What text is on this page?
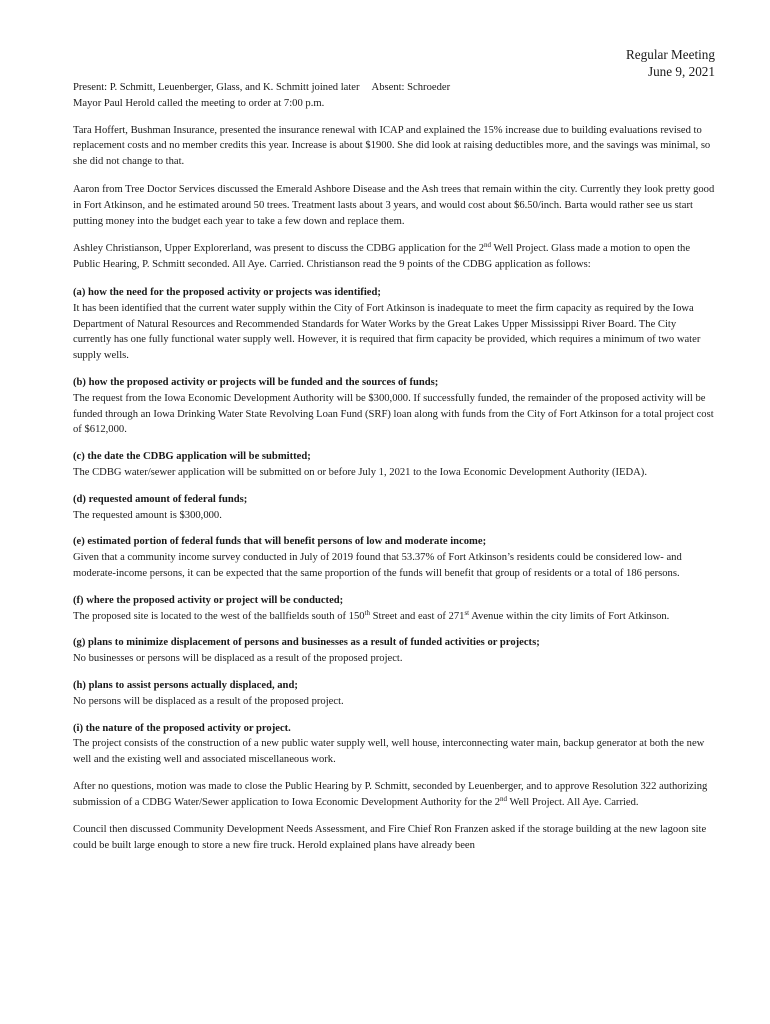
Regular Meeting
June 9, 2021

Present: P. Schmitt, Leuenberger, Glass, and K. Schmitt joined later Absent: Schroeder

Mayor Paul Herold called the meeting to order at 7:00 p.m.

Tara Hoffert, Bushman Insurance, presented the insurance renewal with ICAP and explained the 15% increase due to building evaluations revised to replacement costs and no member credits this year. Increase is about $1900. She did look at raising deductibles more, and the savings was minimal, so she did not change to that.

Aaron from Tree Doctor Services discussed the Emerald Ashbore Disease and the Ash trees that remain within the city. Currently they look pretty good in Fort Atkinson, and he estimated around 50 trees. Treatment lasts about 3 years, and would cost about $6.50/inch. Barta would rather see us start putting money into the budget each year to take a few down and replace them.

Ashley Christianson, Upper Explorerland, was present to discuss the CDBG application for the 2nd Well Project. Glass made a motion to open the Public Hearing, P. Schmitt seconded. All Aye. Carried. Christianson read the 9 points of the CDBG application as follows:

(a) how the need for the proposed activity or projects was identified;

It has been identified that the current water supply within the City of Fort Atkinson is inadequate to meet the firm capacity as required by the Iowa Department of Natural Resources and Recommended Standards for Water Works by the Great Lakes Upper Mississippi River Board. The City currently has one fully functional water supply well. However, it is required that firm capacity be provided, which requires a minimum of two water supply wells.

(b) how the proposed activity or projects will be funded and the sources of funds;

The request from the Iowa Economic Development Authority will be $300,000. If successfully funded, the remainder of the proposed activity will be funded through an Iowa Drinking Water State Revolving Loan Fund (SRF) loan along with funds from the City of Fort Atkinson for a total project cost of $612,000.

(c) the date the CDBG application will be submitted;

The CDBG water/sewer application will be submitted on or before July 1, 2021 to the Iowa Economic Development Authority (IEDA).

(d) requested amount of federal funds;

The requested amount is $300,000.

(e) estimated portion of federal funds that will benefit persons of low and moderate income;

Given that a community income survey conducted in July of 2019 found that 53.37% of Fort Atkinson’s residents could be considered low- and moderate-income persons, it can be expected that the same proportion of the funds will benefit that group of residents or a total of 186 persons.

(f) where the proposed activity or project will be conducted;

The proposed site is located to the west of the ballfields south of 150th Street and east of 271st Avenue within the city limits of Fort Atkinson.

(g) plans to minimize displacement of persons and businesses as a result of funded activities or projects;

No businesses or persons will be displaced as a result of the proposed project.

(h) plans to assist persons actually displaced, and;

No persons will be displaced as a result of the proposed project.

(i) the nature of the proposed activity or project.

The project consists of the construction of a new public water supply well, well house, interconnecting water main, backup generator at both the new well and the existing well and associated miscellaneous work.

After no questions, motion was made to close the Public Hearing by P. Schmitt, seconded by Leuenberger, and to approve Resolution 322 authorizing submission of a CDBG Water/Sewer application to Iowa Economic Development Authority for the 2nd Well Project. All Aye. Carried.

Council then discussed Community Development Needs Assessment, and Fire Chief Ron Franzen asked if the storage building at the new lagoon site could be built large enough to store a new fire truck. Herold explained plans have already been
